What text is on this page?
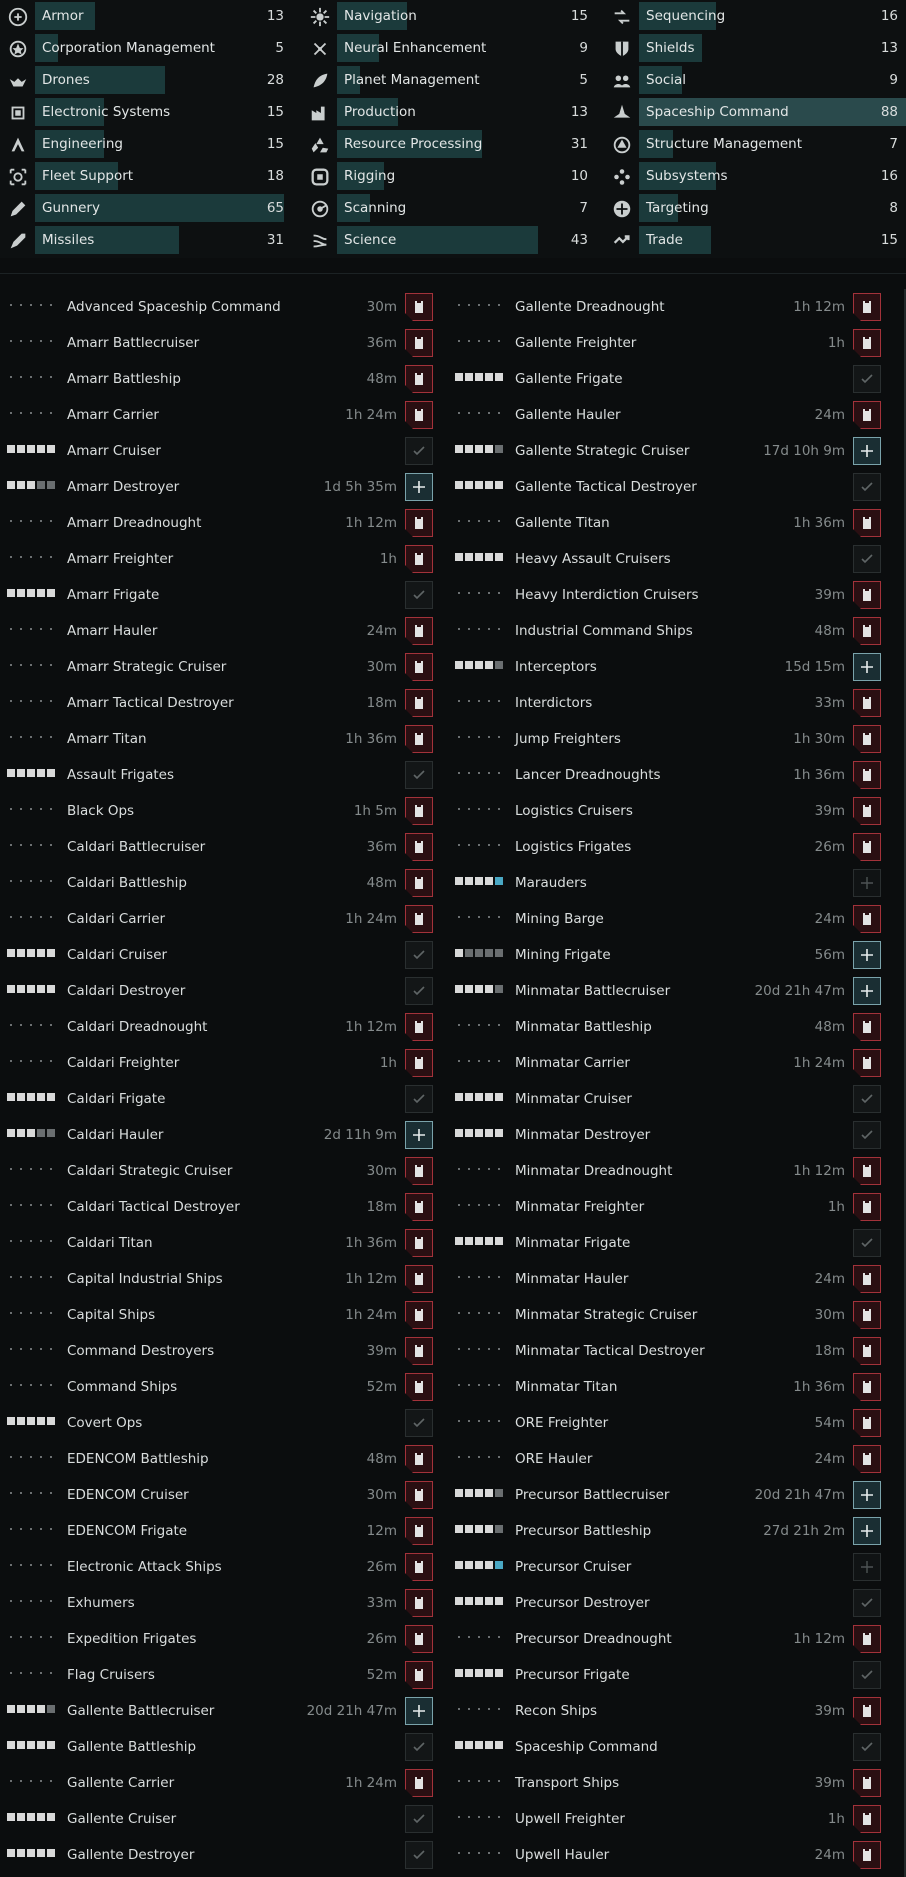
Armor	13	Navigation	15	Sequencing	16
Corporation Management	5	Neural Enhancement	9	Shields	13
Drones	28	Planet Management	5	Social	9
Electronic Systems	15	Production	13	Spaceship Command	88
Engineering	15	Resource Processing	31	Structure Management	7
Fleet Support	18	Rigging	10	Subsystems	16
Gunnery	65	Scanning	7	Targeting	8
Missiles	31	Science	43	Trade	15
Advanced Spaceship Command	30m
Amarr Battlecruiser	36m
Amarr Battleship	48m
Amarr Carrier	1h 24m
Amarr Cruiser
Amarr Destroyer	1d 5h 35m
Amarr Dreadnought	1h 12m
Amarr Freighter	1h
Amarr Frigate
Amarr Hauler	24m
Amarr Strategic Cruiser	30m
Amarr Tactical Destroyer	18m
Amarr Titan	1h 36m
Assault Frigates
Black Ops	1h 5m
Caldari Battlecruiser	36m
Caldari Battleship	48m
Caldari Carrier	1h 24m
Caldari Cruiser
Caldari Destroyer
Caldari Dreadnought	1h 12m
Caldari Freighter	1h
Caldari Frigate
Caldari Hauler	2d 11h 9m
Caldari Strategic Cruiser	30m
Caldari Tactical Destroyer	18m
Caldari Titan	1h 36m
Capital Industrial Ships	1h 12m
Capital Ships	1h 24m
Command Destroyers	39m
Command Ships	52m
Covert Ops
EDENCOM Battleship	48m
EDENCOM Cruiser	30m
EDENCOM Frigate	12m
Electronic Attack Ships	26m
Exhumers	33m
Expedition Frigates	26m
Flag Cruisers	52m
Gallente Battlecruiser	20d 21h 47m
Gallente Battleship
Gallente Carrier	1h 24m
Gallente Cruiser
Gallente Destroyer
Gallente Dreadnought	1h 12m
Gallente Freighter	1h
Gallente Frigate
Gallente Hauler	24m
Gallente Strategic Cruiser	17d 10h 9m
Gallente Tactical Destroyer
Gallente Titan	1h 36m
Heavy Assault Cruisers
Heavy Interdiction Cruisers	39m
Industrial Command Ships	48m
Interceptors	15d 15m
Interdictors	33m
Jump Freighters	1h 30m
Lancer Dreadnoughts	1h 36m
Logistics Cruisers	39m
Logistics Frigates	26m
Marauders
Mining Barge	24m
Mining Frigate	56m
Minmatar Battlecruiser	20d 21h 47m
Minmatar Battleship	48m
Minmatar Carrier	1h 24m
Minmatar Cruiser
Minmatar Destroyer
Minmatar Dreadnought	1h 12m
Minmatar Freighter	1h
Minmatar Frigate
Minmatar Hauler	24m
Minmatar Strategic Cruiser	30m
Minmatar Tactical Destroyer	18m
Minmatar Titan	1h 36m
ORE Freighter	54m
ORE Hauler	24m
Precursor Battlecruiser	20d 21h 47m
Precursor Battleship	27d 21h 2m
Precursor Cruiser
Precursor Destroyer
Precursor Dreadnought	1h 12m
Precursor Frigate
Recon Ships	39m
Spaceship Command
Transport Ships	39m
Upwell Freighter	1h
Upwell Hauler	24m
